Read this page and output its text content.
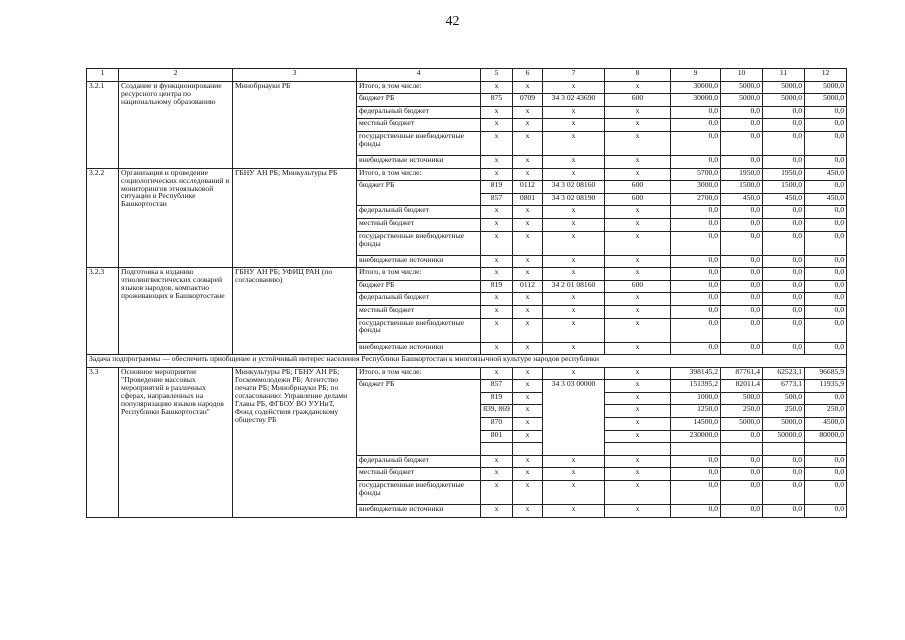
42
1	2	3	4	5	6	7	8	9	10	11	12
3.2.1	Создание и функционирование ресурсного центра по национальному образованию	Минобрнауки РБ	Итого, в том числе:	х	х	х	х	30000,0	5000,0	5000,0	5000,0
			бюджет РБ	875	0709	34 3 02 43690	600	30000,0	5000,0	5000,0	5000,0
			федеральный бюджет	х	х	х	х	0,0	0,0	0,0	0,0
			местный бюджет	х	х	х	х	0,0	0,0	0,0	0,0
			государственные внебюджетные фонды	х	х	х	х	0,0	0,0	0,0	0,0
			внебюджетные источники	х	х	х	х	0,0	0,0	0,0	0,0
3.2.2	Организация и проведение социологических исследований и мониторингов этноязыковой ситуации в Республике Башкортостан	ГБНУ АН РБ; Минкультуры РБ	Итого, в том числе:	х	х	х	х	5700,0	1950,0	1950,0	450,0
			бюджет РБ	819	0112	34 3 02 08160	600	3000,0	1500,0	1500,0	0,0
				857	0801	34 3 02 08190	600	2700,0	450,0	450,0	450,0
			федеральный бюджет	х	х	х	х	0,0	0,0	0,0	0,0
			местный бюджет	х	х	х	х	0,0	0,0	0,0	0,0
			государственные внебюджетные фонды	х	х	х	х	0,0	0,0	0,0	0,0
			внебюджетные источники	х	х	х	х	0,0	0,0	0,0	0,0
3.2.3	Подготовка к изданию этнолингвистических словарей языков народов, компактно проживающих в Башкортостане	ГБНУ АН РБ; УФИЦ РАН (по согласованию)	Итого, в том числе:	х	х	х	х	0,0	0,0	0,0	0,0
			бюджет РБ	819	0112	34 2 01 08160	600	0,0	0,0	0,0	0,0
			федеральный бюджет	х	х	х	х	0,0	0,0	0,0	0,0
			местный бюджет	х	х	х	х	0,0	0,0	0,0	0,0
			государственные внебюджетные фонды	х	х	х	х	0,0	0,0	0,0	0,0
			внебюджетные источники	х	х	х	х	0,0	0,0	0,0	0,0
Задача подпрограммы — обеспечить приобщение и устойчивый интерес населения Республики Башкортостан к многоязычной культуре народов республики											
3.3	Основное мероприятие "Проведение массовых мероприятий в различных сферах, направленных на популяризацию языков народов Республики Башкортостан"	Минкультуры РБ; ГБНУ АН РБ; Госкоммолодежи РБ; Агентство печати РБ; Минобрнауки РБ; по согласованию: Управление делами Главы РБ, ФГБОУ ВО УУНиТ, Фонд содействия гражданскому обществу РБ	Итого, в том числе:	х	х	х	х	398145,2	87761,4	62523,1	96685,9
			бюджет РБ	857	х	34 3 03 00000	х	151395,2	82011,4	6773,1	11935,9
				819	х		х	1000,0	500,0	500,0	0,0
				839, 869	х		х	1250,0	250,0	250,0	250,0
				870	х		х	14500,0	5000,0	5000,0	4500,0
				801	х		х	230000,0	0,0	50000,0	80000,0

			федеральный бюджет	х	х	х	х	0,0	0,0	0,0	0,0
			местный бюджет	х	х	х	х	0,0	0,0	0,0	0,0
			государственные внебюджетные фонды	х	х	х	х	0,0	0,0	0,0	0,0
			внебюджетные источники	х	х	х	х	0,0	0,0	0,0	0,0
